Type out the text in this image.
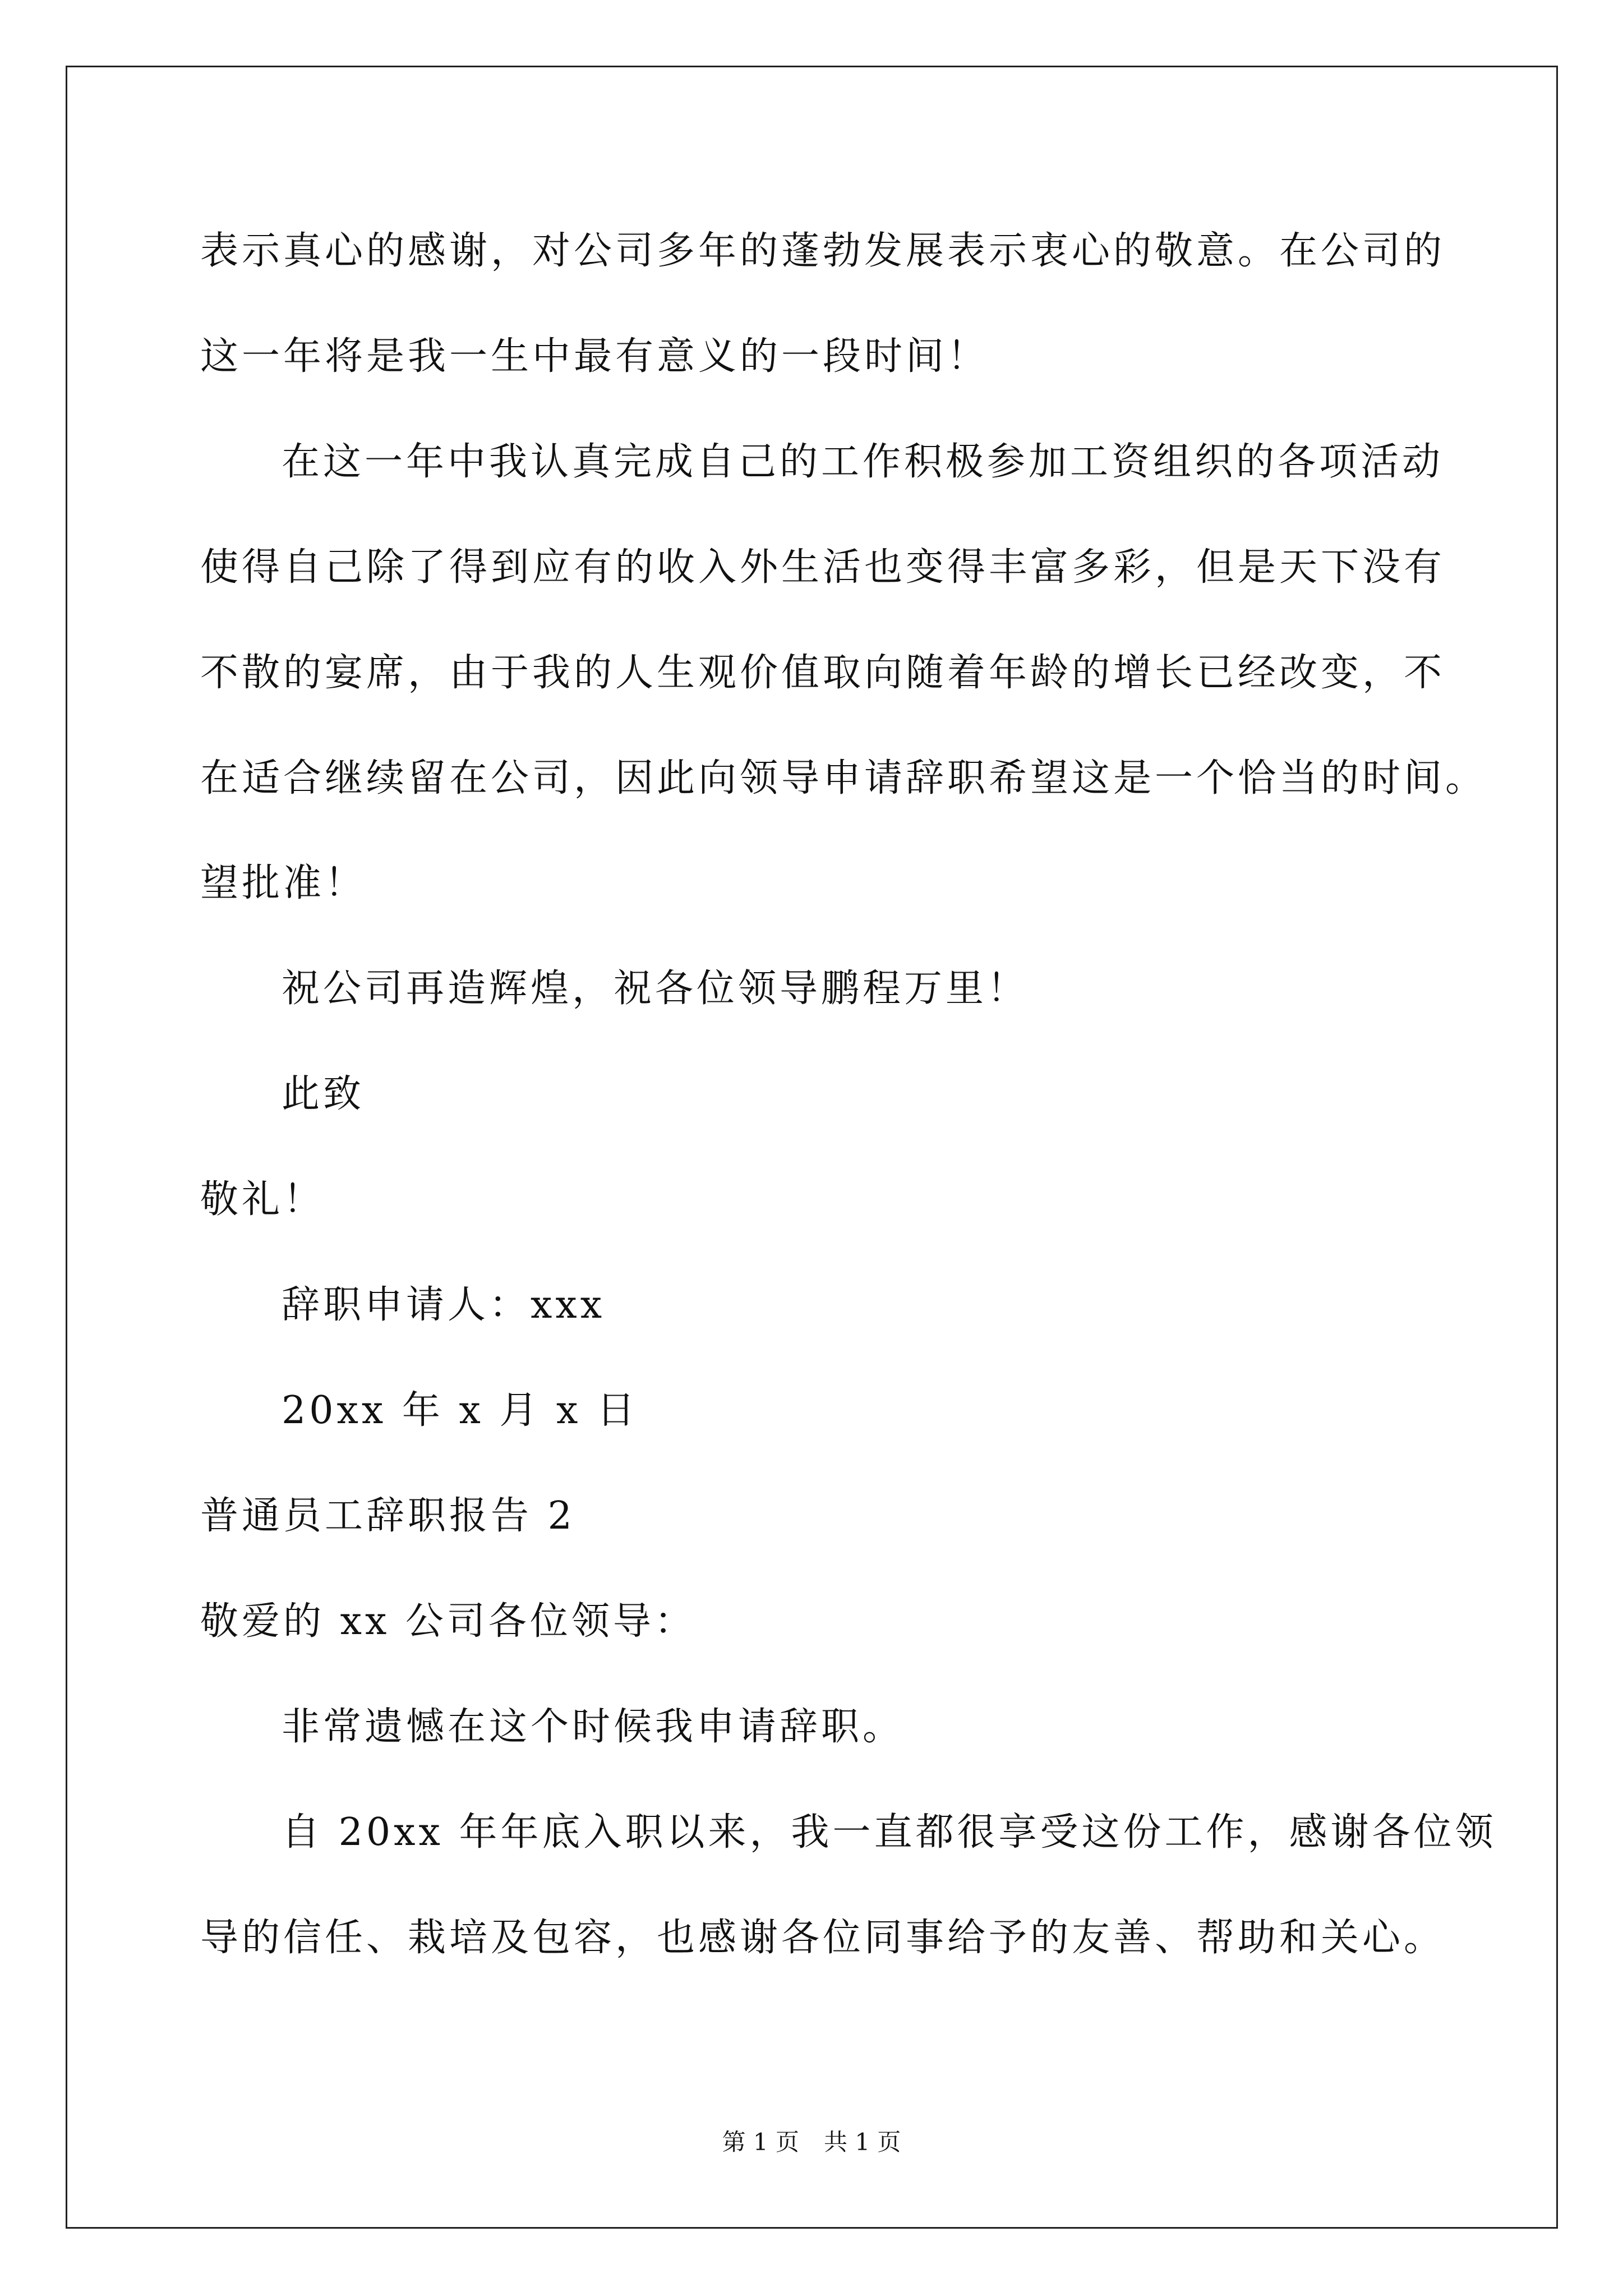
表示真心的感谢，对公司多年的蓬勃发展表示衷心的敬意。在公司的
这一年将是我一生中最有意义的一段时间！
在这一年中我认真完成自己的工作积极参加工资组织的各项活动
使得自己除了得到应有的收入外生活也变得丰富多彩，但是天下没有
不散的宴席，由于我的人生观价值取向随着年龄的增长已经改变，不
在适合继续留在公司，因此向领导申请辞职希望这是一个恰当的时间。
望批准！
祝公司再造辉煌，祝各位领导鹏程万里！
此致
敬礼！
辞职申请人：xxx
20xx 年 x 月 x 日
普通员工辞职报告 2
敬爱的 xx 公司各位领导：
非常遗憾在这个时候我申请辞职。
自 20xx 年年底入职以来，我一直都很享受这份工作，感谢各位领
导的信任、栽培及包容，也感谢各位同事给予的友善、帮助和关心。
第 1 页 共 1 页
